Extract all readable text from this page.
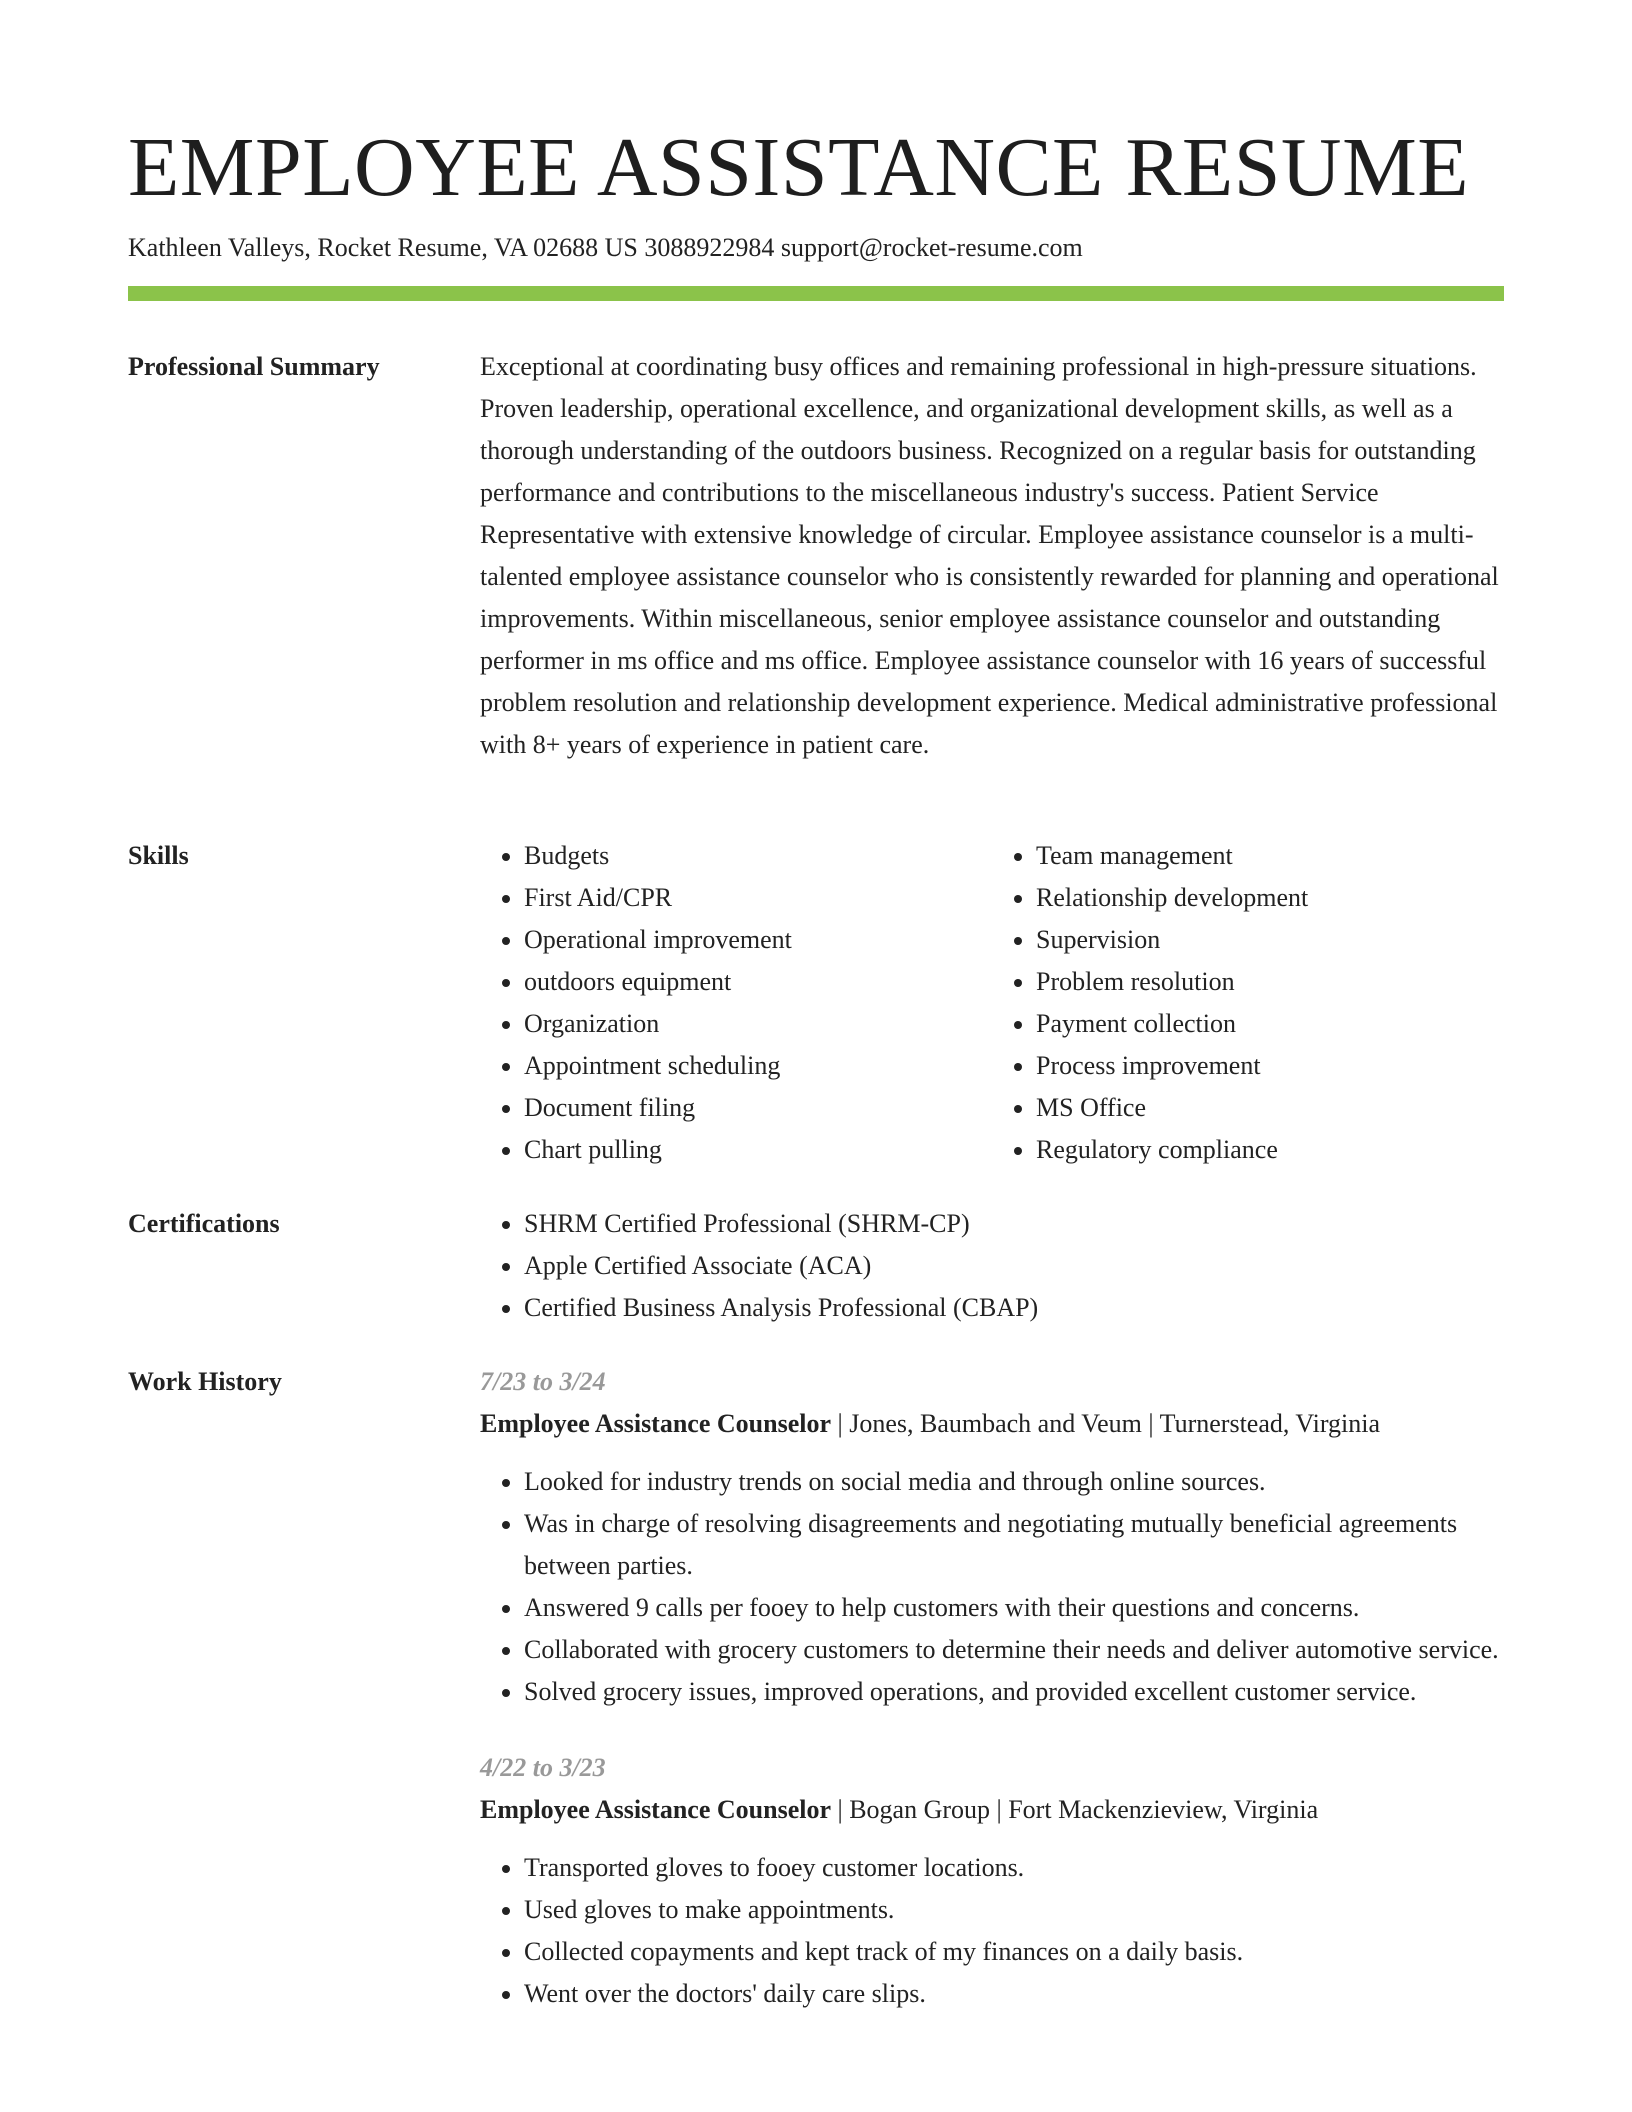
EMPLOYEE ASSISTANCE RESUME
Kathleen Valleys, Rocket Resume, VA 02688 US 3088922984 support@rocket-resume.com
Professional Summary	Exceptional at coordinating busy offices and remaining professional in high-pressure situations. Proven leadership, operational excellence, and organizational development skills, as well as a thorough understanding of the outdoors business. Recognized on a regular basis for outstanding performance and contributions to the miscellaneous industry's success. Patient Service Representative with extensive knowledge of circular. Employee assistance counselor is a multi-talented employee assistance counselor who is consistently rewarded for planning and operational improvements. Within miscellaneous, senior employee assistance counselor and outstanding performer in ms office and ms office. Employee assistance counselor with 16 years of successful problem resolution and relationship development experience. Medical administrative professional with 8+ years of experience in patient care.

Skills	• Budgets
• First Aid/CPR
• Operational improvement
• outdoors equipment
• Organization
• Appointment scheduling
• Document filing
• Chart pulling
• Team management
• Relationship development
• Supervision
• Problem resolution
• Payment collection
• Process improvement
• MS Office
• Regulatory compliance
Certifications	• SHRM Certified Professional (SHRM-CP)
• Apple Certified Associate (ACA)
• Certified Business Analysis Professional (CBAP)
Work History	7/23 to 3/24
Employee Assistance Counselor | Jones, Baumbach and Veum | Turnerstead, Virginia
• Looked for industry trends on social media and through online sources.
• Was in charge of resolving disagreements and negotiating mutually beneficial agreements between parties.
• Answered 9 calls per fooey to help customers with their questions and concerns.
• Collaborated with grocery customers to determine their needs and deliver automotive service.
• Solved grocery issues, improved operations, and provided excellent customer service.
4/22 to 3/23
Employee Assistance Counselor | Bogan Group | Fort Mackenzieview, Virginia
• Transported gloves to fooey customer locations.
• Used gloves to make appointments.
• Collected copayments and kept track of my finances on a daily basis.
• Went over the doctors' daily care slips.
